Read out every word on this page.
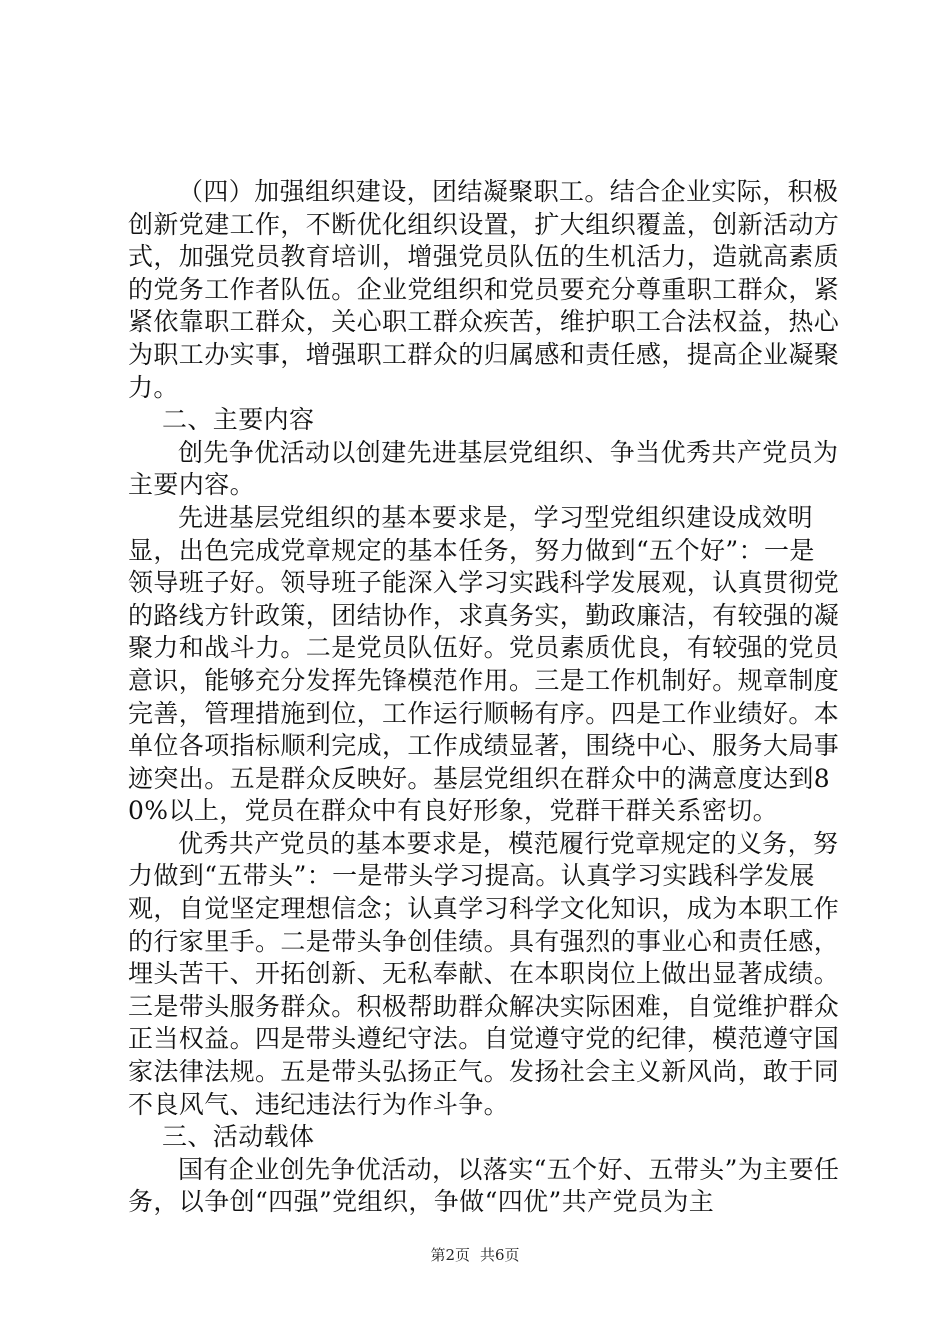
（四）加强组织建设，团结凝聚职工。结合企业实际，积极创新党建工作，不断优化组织设置，扩大组织覆盖，创新活动方式，加强党员教育培训，增强党员队伍的生机活力，造就高素质的党务工作者队伍。企业党组织和党员要充分尊重职工群众，紧紧依靠职工群众，关心职工群众疾苦，维护职工合法权益，热心为职工办实事，增强职工群众的归属感和责任感，提高企业凝聚力。

二、主要内容

创先争优活动以创建先进基层党组织、争当优秀共产党员为主要内容。

先进基层党组织的基本要求是，学习型党组织建设成效明显，出色完成党章规定的基本任务，努力做到“五个好”：一是领导班子好。领导班子能深入学习实践科学发展观，认真贯彻党的路线方针政策，团结协作，求真务实，勤政廉洁，有较强的凝聚力和战斗力。二是党员队伍好。党员素质优良，有较强的党员意识，能够充分发挥先锋模范作用。三是工作机制好。规章制度完善，管理措施到位，工作运行顺畅有序。四是工作业绩好。本单位各项指标顺利完成，工作成绩显著，围绕中心、服务大局事迹突出。五是群众反映好。基层党组织在群众中的满意度达到80%以上，党员在群众中有良好形象，党群干群关系密切。

优秀共产党员的基本要求是，模范履行党章规定的义务，努力做到“五带头”：一是带头学习提高。认真学习实践科学发展观，自觉坚定理想信念；认真学习科学文化知识，成为本职工作的行家里手。二是带头争创佳绩。具有强烈的事业心和责任感，埋头苦干、开拓创新、无私奉献、在本职岗位上做出显著成绩。三是带头服务群众。积极帮助群众解决实际困难，自觉维护群众正当权益。四是带头遵纪守法。自觉遵守党的纪律，模范遵守国家法律法规。五是带头弘扬正气。发扬社会主义新风尚，敢于同不良风气、违纪违法行为作斗争。

三、活动载体

国有企业创先争优活动，以落实“五个好、五带头”为主要任务，以争创“四强”党组织，争做“四优”共产党员为主

第2页 共6页
